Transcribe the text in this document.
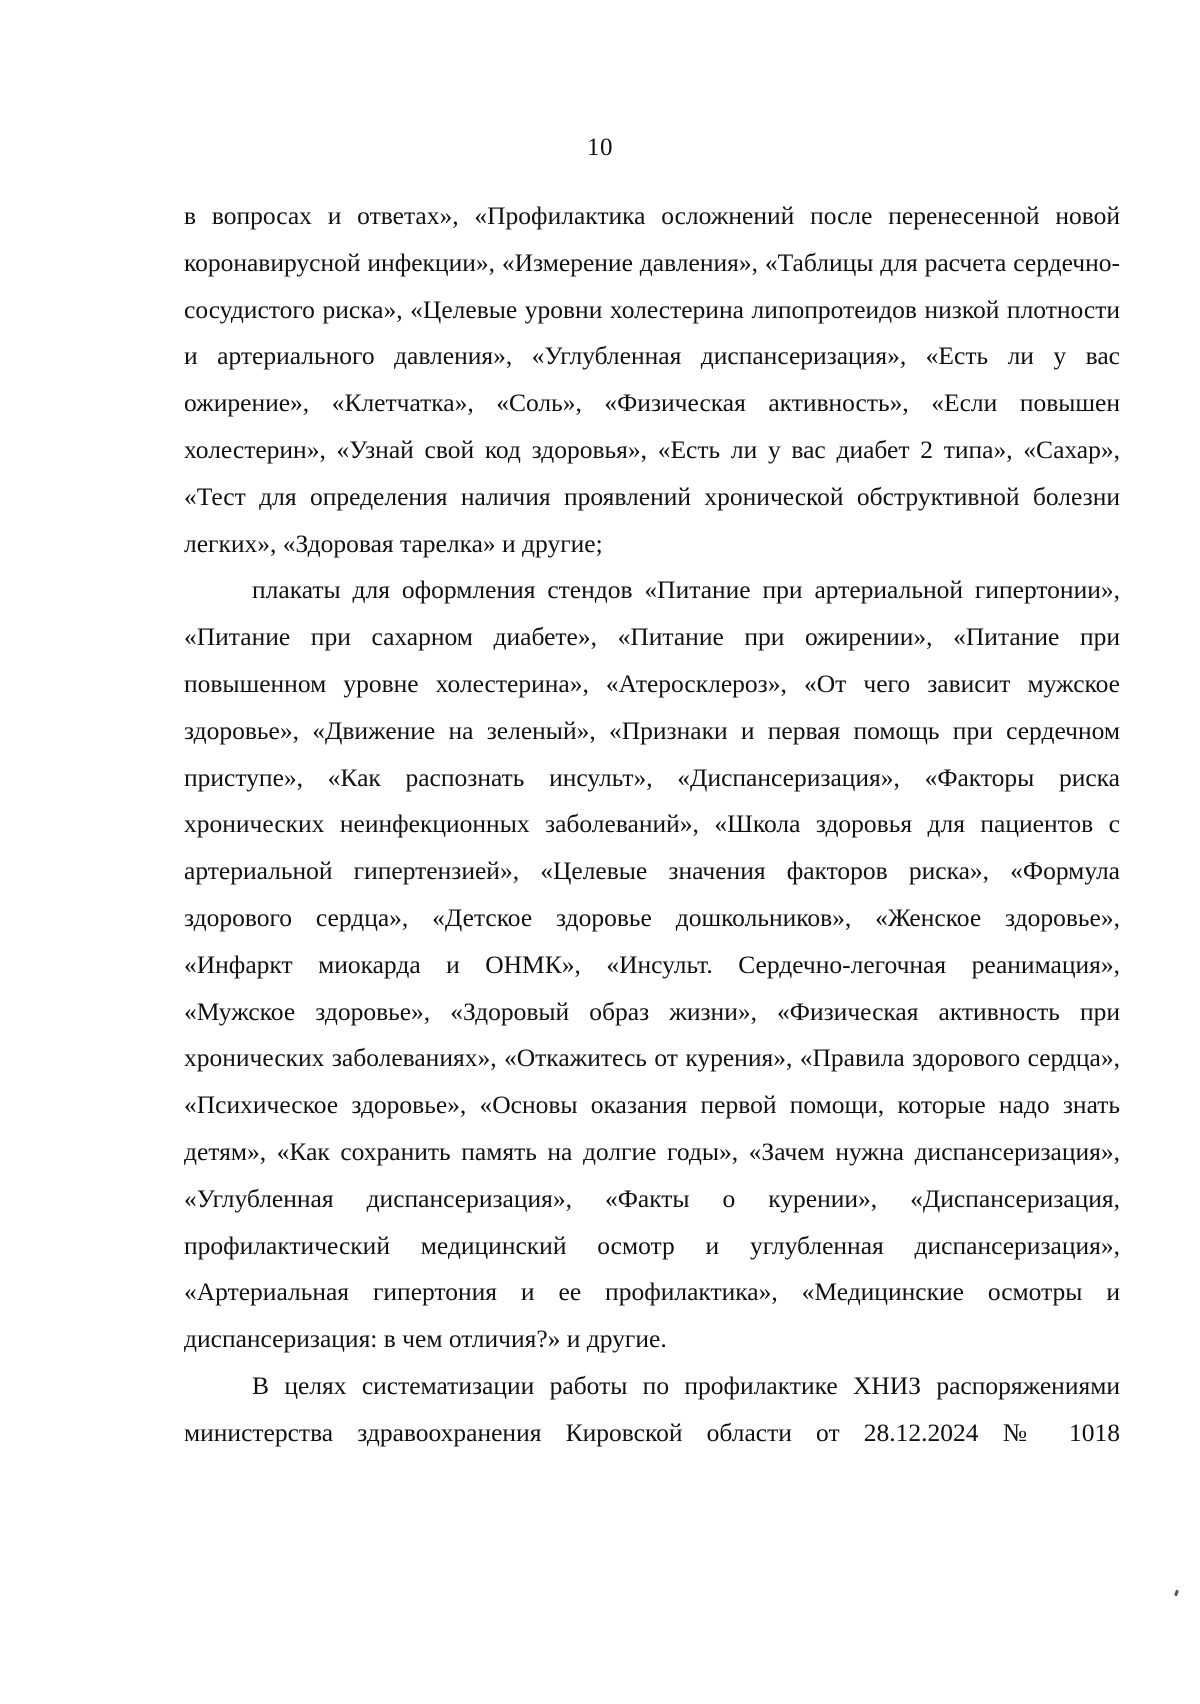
10

в вопросах и ответах», «Профилактика осложнений после перенесенной новой коронавирусной инфекции», «Измерение давления», «Таблицы для расчета сердечно-сосудистого риска», «Целевые уровни холестерина липопротеидов низкой плотности и артериального давления», «Углубленная диспансеризация», «Есть ли у вас ожирение», «Клетчатка», «Соль», «Физическая активность», «Если повышен холестерин», «Узнай свой код здоровья», «Есть ли у вас диабет 2 типа», «Сахар», «Тест для определения наличия проявлений хронической обструктивной болезни легких», «Здоровая тарелка» и другие;

плакаты для оформления стендов «Питание при артериальной гипертонии», «Питание при сахарном диабете», «Питание при ожирении», «Питание при повышенном уровне холестерина», «Атеросклероз», «От чего зависит мужское здоровье», «Движение на зеленый», «Признаки и первая помощь при сердечном приступе», «Как распознать инсульт», «Диспансеризация», «Факторы риска хронических неинфекционных заболеваний», «Школа здоровья для пациентов с артериальной гипертензией», «Целевые значения факторов риска», «Формула здорового сердца», «Детское здоровье дошкольников», «Женское здоровье», «Инфаркт миокарда и ОНМК», «Инсульт. Сердечно-легочная реанимация», «Мужское здоровье», «Здоровый образ жизни», «Физическая активность при хронических заболеваниях», «Откажитесь от курения», «Правила здорового сердца», «Психическое здоровье», «Основы оказания первой помощи, которые надо знать детям», «Как сохранить память на долгие годы», «Зачем нужна диспансеризация», «Углубленная диспансеризация», «Факты о курении», «Диспансеризация, профилактический медицинский осмотр и углубленная диспансеризация», «Артериальная гипертония и ее профилактика», «Медицинские осмотры и диспансеризация: в чем отличия?» и другие.

В целях систематизации работы по профилактике ХНИЗ распоряжениями министерства здравоохранения Кировской области от 28.12.2024 № 1018
